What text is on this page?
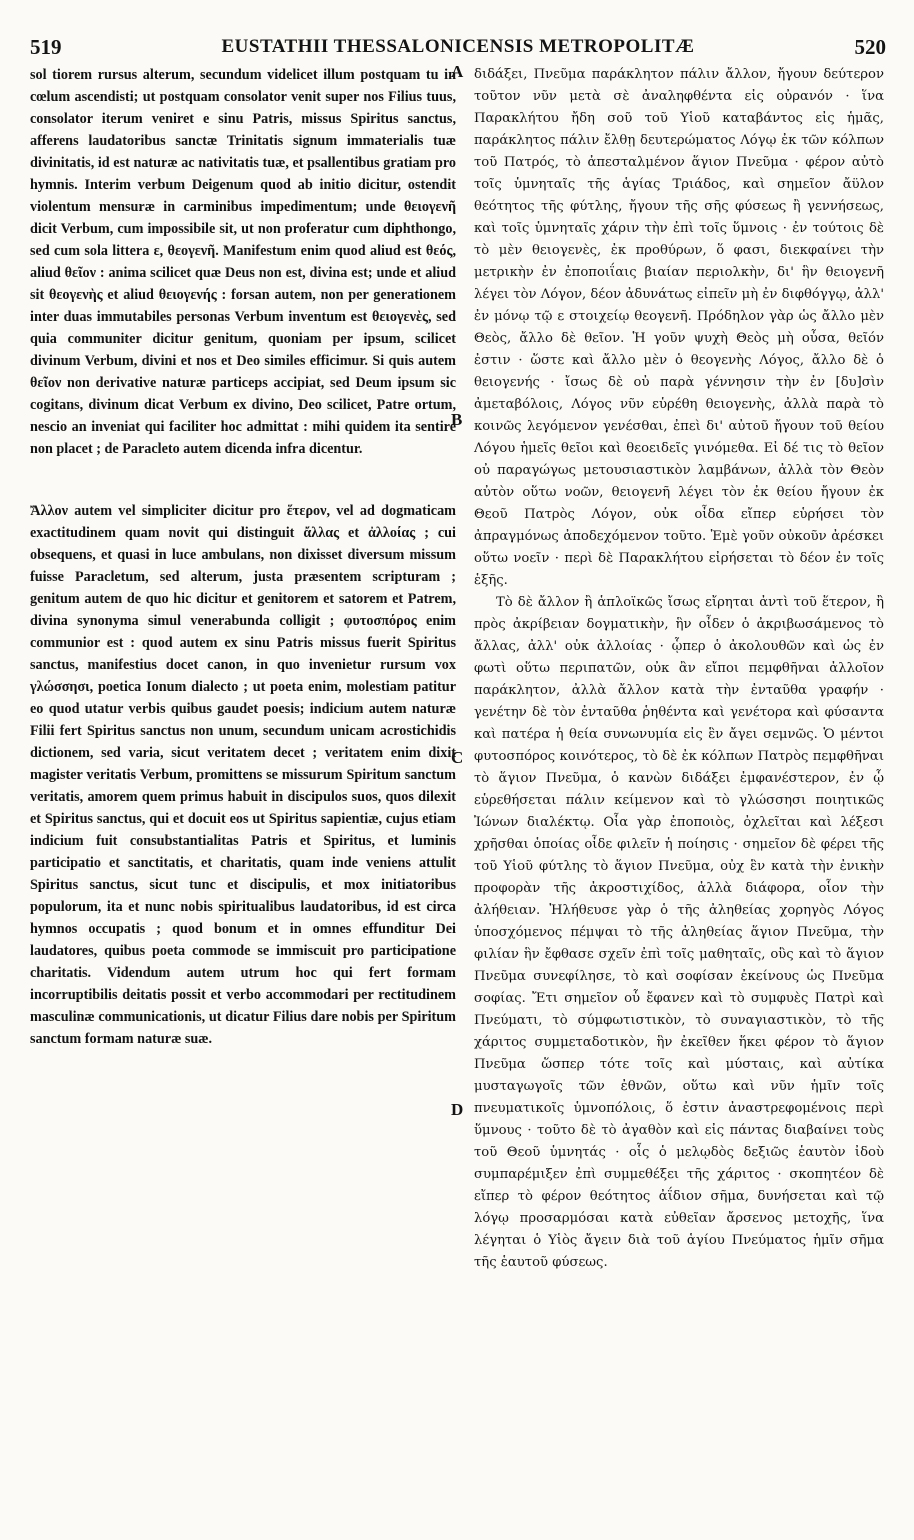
519	EUSTATHII THESSALONICENSIS METROPOLITÆ	520

sol tiorem rursus alterum, secundum videlicet illum postquam tu in cœlum ascendisti; ut postquam consolator venit super nos Filius tuus, consolator iterum veniret e sinu Patris, missus Spiritus sanctus, afferens laudatoribus sanctæ Trinitatis signum immaterialis tuæ divinitatis, id est naturæ ac nativitatis tuæ, et psallentibus gratiam pro hymnis. Interim verbum Deigenum quod ab initio dicitur, ostendit violentum mensuræ in carminibus impedimentum; unde θειογενῆ dicit Verbum, cum impossibile sit, ut non proferatur cum diphthongo, sed cum sola littera ε, θεογενῆ. Manifestum enim quod aliud est θεός, aliud θεῖον : anima scilicet quæ Deus non est, divina est; unde et aliud sit θεογενὴς et aliud θειογενής : forsan autem, non per generationem inter duas immutabiles personas Verbum inventum est θειογενὲς, sed quia communiter dicitur genitum, quoniam per ipsum, scilicet divinum Verbum, divini et nos et Deo similes efficimur. Si quis autem θεῖον non derivative naturæ particeps accipiat, sed Deum ipsum sic cogitans, divinum dicat Verbum ex divino, Deo scilicet, Patre ortum, nescio an inveniat qui faciliter hoc admittat : mihi quidem ita sentire non placet ; de Paracleto autem dicenda infra dicentur.

Ἄλλον autem vel simpliciter dicitur pro ἕτερον, vel ad dogmaticam exactitudinem quam novit qui distinguit ἄλλας et ἀλλοίας ; cui obsequens, et quasi in luce ambulans, non dixisset diversum missum fuisse Paracletum, sed alterum, justa præsentem scripturam ; genitum autem de quo hic dicitur et genitorem et satorem et Patrem, divina synonyma simul venerabunda colligit ; φυτοσπόρος enim communior est : quod autem ex sinu Patris missus fuerit Spiritus sanctus, manifestius docet canon, in quo invenietur rursum vox γλώσσησι, poetica Ionum dialecto ; ut poeta enim, molestiam patitur eo quod utatur verbis quibus gaudet poesis; indicium autem naturæ Filii fert Spiritus sanctus non unum, secundum unicam acrostichidis dictionem, sed varia, sicut veritatem decet ; veritatem enim dixit magister veritatis Verbum, promittens se missurum Spiritum sanctum veritatis, amorem quem primus habuit in discipulos suos, quos dilexit et Spiritus sanctus, qui et docuit eos ut Spiritus sapientiæ, cujus etiam indicium fuit consubstantialitas Patris et Spiritus, et luminis participatio et sanctitatis, et charitatis, quam inde veniens attulit Spiritus sanctus, sicut tunc et discipulis, et mox initiatoribus populorum, ita et nunc nobis spiritualibus laudatoribus, id est circa hymnos occupatis ; quod bonum et in omnes effunditur Dei laudatores, quibus poeta commode se immiscuit pro participatione charitatis. Videndum autem utrum hoc qui fert formam incorruptibilis deitatis possit et verbo accommodari per rectitudinem masculinæ communicationis, ut dicatur Filius dare nobis per Spiritum sanctum formam naturæ suæ.

A
B
C
D

διδάξει, Πνεῦμα παράκλητον πάλιν ἄλλον, ἤγουν δεύτερον τοῦτον νῦν μετὰ σὲ ἀναληφθέντα εἰς οὐρανόν · ἵνα Παρακλήτου ἤδη σοῦ τοῦ Υἱοῦ καταβάντος εἰς ἡμᾶς, παράκλητος πάλιν ἔλθῃ δευτερώματος Λόγῳ ἐκ τῶν κόλπων τοῦ Πατρός, τὸ ἀπεσταλμένον ἅγιον Πνεῦμα · φέρον αὐτὸ τοῖς ὑμνηταῖς τῆς ἁγίας Τριάδος, καὶ σημεῖον ἄϋλον θεότητος τῆς φύτλης, ἤγουν τῆς σῆς φύσεως ἢ γεννήσεως, καὶ τοῖς ὑμνηταῖς χάριν τὴν ἐπὶ τοῖς ὕμνοις · ἐν τούτοις δὲ τὸ μὲν θειογενὲς, ἐκ προθύρων, ὅ φασι, διεκφαίνει τὴν μετρικὴν ἐν ἐποποιΐαις βιαίαν περιολκὴν, δι' ἣν θειογενῆ λέγει τὸν Λόγον, δέον ἀδυνάτως εἰπεῖν μὴ ἐν διφθόγγῳ, ἀλλ' ἐν μόνῳ τῷ ε στοιχείῳ θεογενῆ. Πρόδηλον γὰρ ὡς ἄλλο μὲν Θεὸς, ἄλλο δὲ θεῖον. Ἡ γοῦν ψυχὴ Θεὸς μὴ οὖσα, θεῖόν ἐστιν · ὥστε καὶ ἄλλο μὲν ὁ θεογενὴς Λόγος, ἄλλο δὲ ὁ θειογενής · ἴσως δὲ οὐ παρὰ γέννησιν τὴν ἐν [δυ]σὶν ἀμεταβόλοις, Λόγος νῦν εὑρέθη θειογενὴς, ἀλλὰ παρὰ τὸ κοινῶς λεγόμενον γενέσθαι, ἐπεὶ δι' αὐτοῦ ἤγουν τοῦ θείου Λόγου ἡμεῖς θεῖοι καὶ θεοειδεῖς γινόμεθα. Εἰ δέ τις τὸ θεῖον οὐ παραγώγως μετουσιαστικὸν λαμβάνων, ἀλλὰ τὸν Θεὸν αὐτὸν οὕτω νοῶν, θειογενῆ λέγει τὸν ἐκ θείου ἤγουν ἐκ Θεοῦ Πατρὸς Λόγον, οὐκ οἶδα εἴπερ εὑρήσει τὸν ἀπραγμόνως ἀποδεχόμενον τοῦτο. Ἐμὲ γοῦν οὐκοῦν ἀρέσκει οὕτω νοεῖν · περὶ δὲ Παρακλήτου εἰρήσεται τὸ δέον ἐν τοῖς ἑξῆς.

Τὸ δὲ ἄλλον ἢ ἁπλοϊκῶς ἴσως εἴρηται ἀντὶ τοῦ ἕτερον, ἢ πρὸς ἀκρίβειαν δογματικὴν, ἣν οἶδεν ὁ ἀκριβωσάμενος τὸ ἄλλας, ἀλλ' οὐκ ἀλλοίας · ᾧπερ ὁ ἀκολουθῶν καὶ ὡς ἐν φωτὶ οὕτω περιπατῶν, οὐκ ἂν εἴποι πεμφθῆναι ἀλλοῖον παράκλητον, ἀλλὰ ἄλλον κατὰ τὴν ἐνταῦθα γραφήν · γενέτην δὲ τὸν ἐνταῦθα ῥηθέντα καὶ γενέτορα καὶ φύσαντα καὶ πατέρα ἡ θεία συνωνυμία εἰς ἓν ἄγει σεμνῶς. Ὁ μέντοι φυτοσπόρος κοινότερος, τὸ δὲ ἐκ κόλπων Πατρὸς πεμφθῆναι τὸ ἅγιον Πνεῦμα, ὁ κανὼν διδάξει ἐμφανέστερον, ἐν ᾧ εὑρεθήσεται πάλιν κείμενον καὶ τὸ γλώσσησι ποιητικῶς Ἰώνων διαλέκτῳ. Οἷα γὰρ ἐποποιὸς, ὀχλεῖται καὶ λέξεσι χρῆσθαι ὁποίας οἶδε φιλεῖν ἡ ποίησις · σημεῖον δὲ φέρει τῆς τοῦ Υἱοῦ φύτλης τὸ ἅγιον Πνεῦμα, οὐχ ἓν κατὰ τὴν ἐνικὴν προφορὰν τῆς ἀκροστιχίδος, ἀλλὰ διάφορα, οἷον τὴν ἀλήθειαν. Ἠλήθευσε γὰρ ὁ τῆς ἀληθείας χορηγὸς Λόγος ὑποσχόμενος πέμψαι τὸ τῆς ἀληθείας ἅγιον Πνεῦμα, τὴν φιλίαν ἣν ἔφθασε σχεῖν ἐπὶ τοῖς μαθηταῖς, οὓς καὶ τὸ ἅγιον Πνεῦμα συνεφίλησε, τὸ καὶ σοφίσαν ἐκείνους ὡς Πνεῦμα σοφίας. Ἔτι σημεῖον οὗ ἔφανεν καὶ τὸ συμφυὲς Πατρὶ καὶ Πνεύματι, τὸ σύμφωτιστικὸν, τὸ συναγιαστικὸν, τὸ τῆς χάριτος συμμεταδοτικὸν, ἣν ἐκεῖθεν ἥκει φέρον τὸ ἅγιον Πνεῦμα ὥσπερ τότε τοῖς καὶ μύσταις, καὶ αὐτίκα μυσταγωγοῖς τῶν ἐθνῶν, οὕτω καὶ νῦν ἡμῖν τοῖς πνευματικοῖς ὑμνοπόλοις, ὅ ἐστιν ἀναστρεφομένοις περὶ ὕμνους · τοῦτο δὲ τὸ ἀγαθὸν καὶ εἰς πάντας διαβαίνει τοὺς τοῦ Θεοῦ ὑμνητάς · οἷς ὁ μελῳδὸς δεξιῶς ἑαυτὸν ἰδοὺ συμπαρέμιξεν ἐπὶ συμμεθέξει τῆς χάριτος · σκοπητέον δὲ εἴπερ τὸ φέρον θεότητος ἀΐδιον σῆμα, δυνήσεται καὶ τῷ λόγῳ προσαρμόσαι κατὰ εὐθεῖαν ἄρσενος μετοχῆς, ἵνα λέγηται ὁ Υἱὸς ἄγειν διὰ τοῦ ἁγίου Πνεύματος ἡμῖν σῆμα τῆς ἑαυτοῦ φύσεως.
